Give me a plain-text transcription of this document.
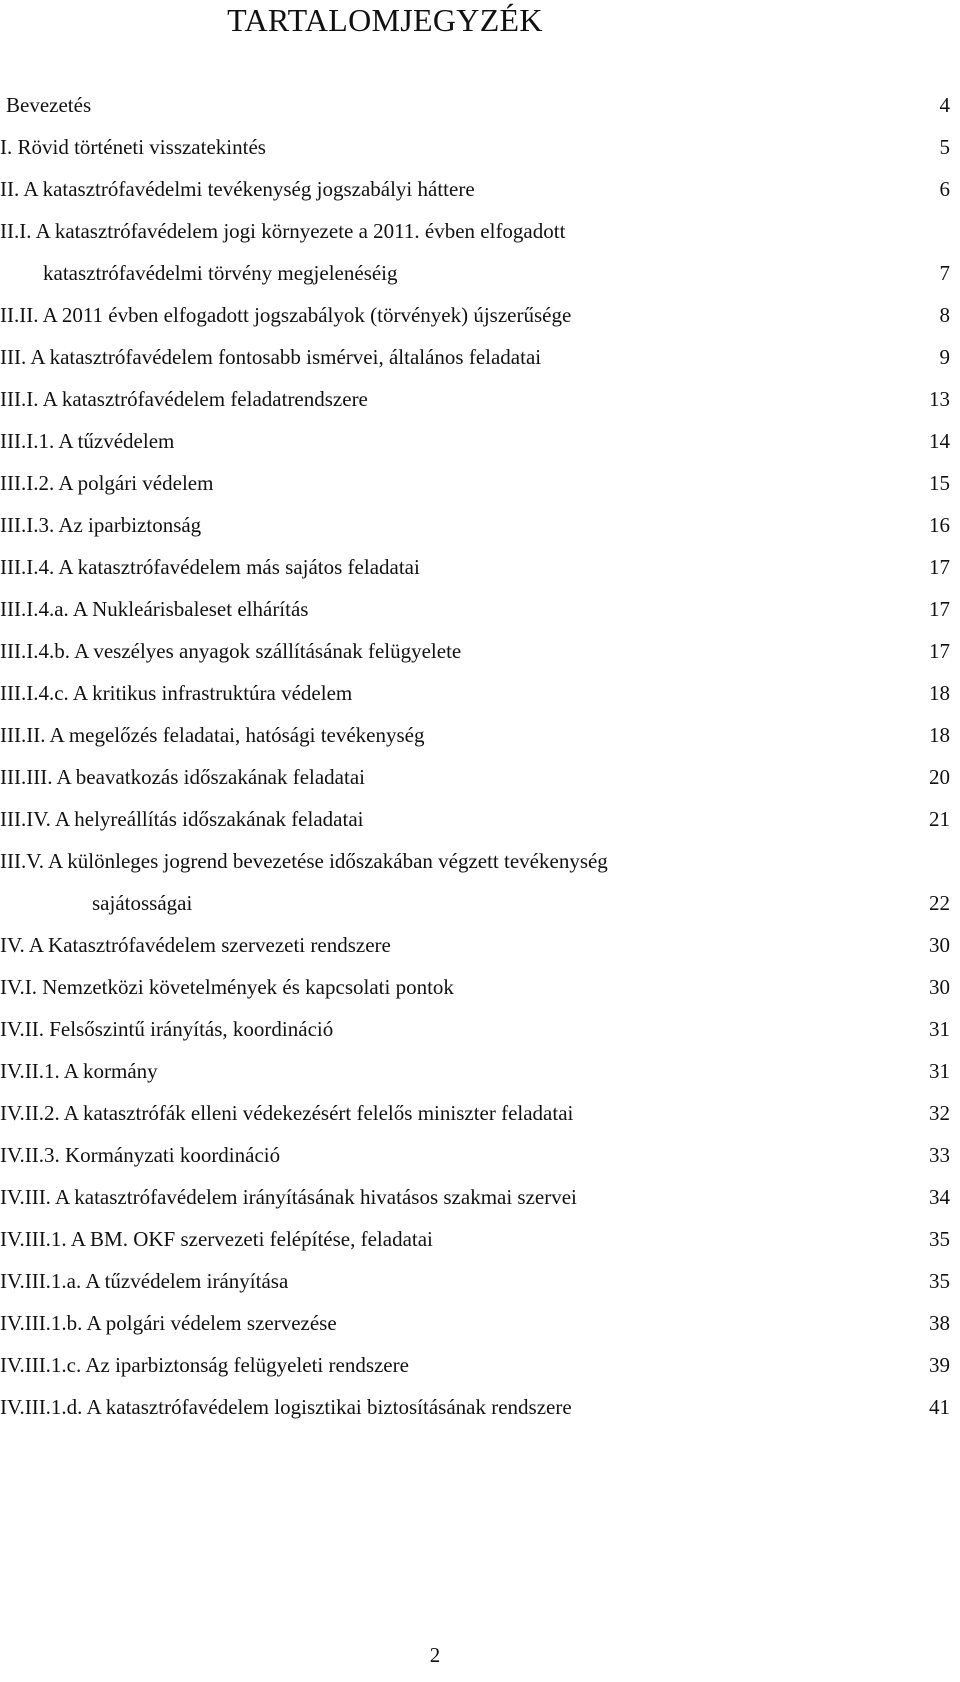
TARTALOMJEGYZÉK
Bevezetés	4
I. Rövid történeti visszatekintés	5
II. A katasztrófavédelmi tevékenység jogszabályi háttere	6
II.I. A katasztrófavédelem jogi környezete a 2011. évben elfogadott
katasztrófavédelmi törvény megjelenéséig	7
II.II. A 2011 évben elfogadott jogszabályok (törvények) újszerűsége	8
III. A katasztrófavédelem fontosabb ismérvei, általános feladatai	9
III.I. A katasztrófavédelem feladatrendszere	13
III.I.1. A tűzvédelem	14
III.I.2. A polgári védelem	15
III.I.3. Az iparbiztonság	16
III.I.4. A katasztrófavédelem más sajátos feladatai	17
III.I.4.a. A Nukleárisbaleset elhárítás	17
III.I.4.b. A veszélyes anyagok szállításának felügyelete	17
III.I.4.c. A kritikus infrastruktúra védelem	18
III.II. A megelőzés feladatai, hatósági tevékenység	18
III.III. A beavatkozás időszakának feladatai	20
III.IV. A helyreállítás időszakának feladatai	21
III.V. A különleges jogrend bevezetése időszakában végzett tevékenység
sajátosságai	22
IV. A Katasztrófavédelem szervezeti rendszere	30
IV.I. Nemzetközi követelmények és kapcsolati pontok	30
IV.II. Felsőszintű irányítás, koordináció	31
IV.II.1. A kormány	31
IV.II.2. A katasztrófák elleni védekezésért felelős miniszter feladatai	32
IV.II.3. Kormányzati koordináció	33
IV.III. A katasztrófavédelem irányításának hivatásos szakmai szervei	34
IV.III.1. A BM. OKF szervezeti felépítése, feladatai	35
IV.III.1.a. A tűzvédelem irányítása	35
IV.III.1.b. A polgári védelem szervezése	38
IV.III.1.c. Az iparbiztonság felügyeleti rendszere	39
IV.III.1.d. A katasztrófavédelem logisztikai biztosításának rendszere	41
2
